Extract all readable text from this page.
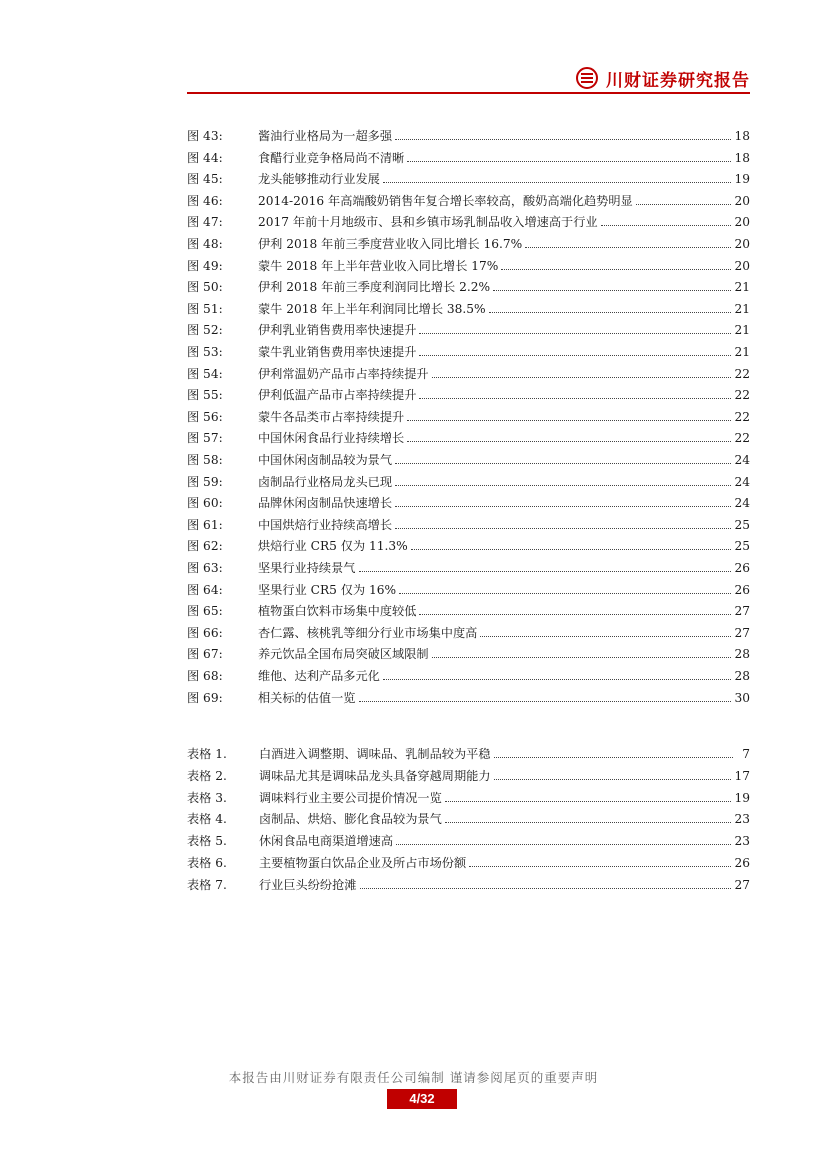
川财证券研究报告
图 43:	酱油行业格局为一超多强	18
图 44:	食醋行业竞争格局尚不清晰	18
图 45:	龙头能够推动行业发展	19
图 46:	2014-2016 年高端酸奶销售年复合增长率较高，酸奶高端化趋势明显	20
图 47:	2017 年前十月地级市、县和乡镇市场乳制品收入增速高于行业	20
图 48:	伊利 2018 年前三季度营业收入同比增长 16.7%	20
图 49:	蒙牛 2018 年上半年营业收入同比增长 17%	20
图 50:	伊利 2018 年前三季度利润同比增长 2.2%	21
图 51:	蒙牛 2018 年上半年利润同比增长 38.5%	21
图 52:	伊利乳业销售费用率快速提升	21
图 53:	蒙牛乳业销售费用率快速提升	21
图 54:	伊利常温奶产品市占率持续提升	22
图 55:	伊利低温产品市占率持续提升	22
图 56:	蒙牛各品类市占率持续提升	22
图 57:	中国休闲食品行业持续增长	22
图 58:	中国休闲卤制品较为景气	24
图 59:	卤制品行业格局龙头已现	24
图 60:	品牌休闲卤制品快速增长	24
图 61:	中国烘焙行业持续高增长	25
图 62:	烘焙行业 CR5 仅为 11.3%	25
图 63:	坚果行业持续景气	26
图 64:	坚果行业 CR5 仅为 16%	26
图 65:	植物蛋白饮料市场集中度较低	27
图 66:	杏仁露、核桃乳等细分行业市场集中度高	27
图 67:	养元饮品全国布局突破区域限制	28
图 68:	维他、达利产品多元化	28
图 69:	相关标的估值一览	30
表格 1.	白酒进入调整期、调味品、乳制品较为平稳	7
表格 2.	调味品尤其是调味品龙头具备穿越周期能力	17
表格 3.	调味料行业主要公司提价情况一览	19
表格 4.	卤制品、烘焙、膨化食品较为景气	23
表格 5.	休闲食品电商渠道增速高	23
表格 6.	主要植物蛋白饮品企业及所占市场份额	26
表格 7.	行业巨头纷纷抢滩	27
本报告由川财证券有限责任公司编制 谨请参阅尾页的重要声明
4/32
